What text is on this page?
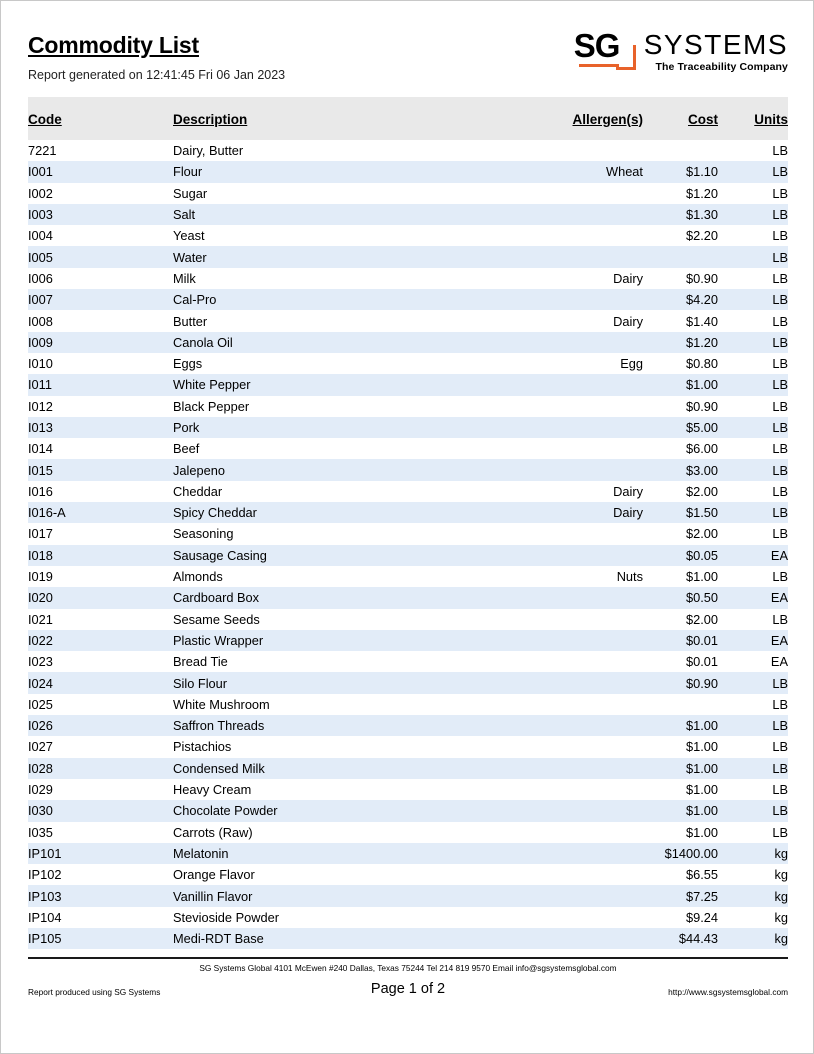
Commodity List
Report generated on 12:41:45 Fri 06 Jan 2023
SG SYSTEMS
The Traceability Company
Code	Description	Allergen(s)	Cost	Units
7221	Dairy, Butter			LB
I001	Flour	Wheat	$1.10	LB
I002	Sugar		$1.20	LB
I003	Salt		$1.30	LB
I004	Yeast		$2.20	LB
I005	Water			LB
I006	Milk	Dairy	$0.90	LB
I007	Cal-Pro		$4.20	LB
I008	Butter	Dairy	$1.40	LB
I009	Canola Oil		$1.20	LB
I010	Eggs	Egg	$0.80	LB
I011	White Pepper		$1.00	LB
I012	Black Pepper		$0.90	LB
I013	Pork		$5.00	LB
I014	Beef		$6.00	LB
I015	Jalepeno		$3.00	LB
I016	Cheddar	Dairy	$2.00	LB
I016-A	Spicy Cheddar	Dairy	$1.50	LB
I017	Seasoning		$2.00	LB
I018	Sausage Casing		$0.05	EA
I019	Almonds	Nuts	$1.00	LB
I020	Cardboard Box		$0.50	EA
I021	Sesame Seeds		$2.00	LB
I022	Plastic Wrapper		$0.01	EA
I023	Bread Tie		$0.01	EA
I024	Silo Flour		$0.90	LB
I025	White Mushroom			LB
I026	Saffron Threads		$1.00	LB
I027	Pistachios		$1.00	LB
I028	Condensed Milk		$1.00	LB
I029	Heavy Cream		$1.00	LB
I030	Chocolate Powder		$1.00	LB
I035	Carrots (Raw)		$1.00	LB
IP101	Melatonin		$1400.00	kg
IP102	Orange Flavor		$6.55	kg
IP103	Vanillin Flavor		$7.25	kg
IP104	Stevioside Powder		$9.24	kg
IP105	Medi-RDT Base		$44.43	kg
SG Systems Global 4101 McEwen #240 Dallas, Texas 75244 Tel 214 819 9570 Email info@sgsystemsglobal.com
Report produced using SG Systems	Page 1 of 2	http://www.sgsystemsglobal.com
